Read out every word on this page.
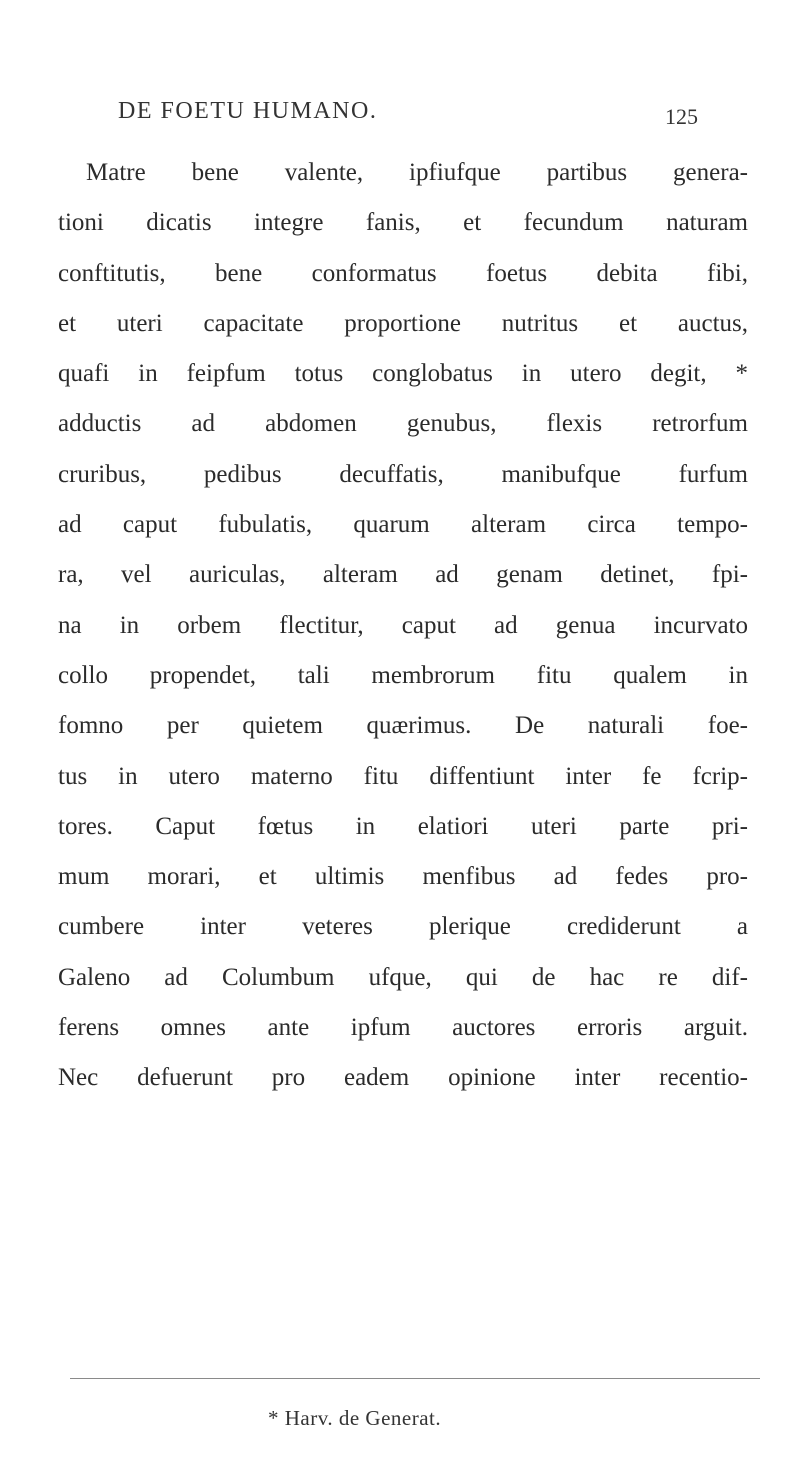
DE FOETU HUMANO.	125
Matre bene valente, ipfiufque partibus genera-
tioni dicatis integre fanis, et fecundum naturam
conftitutis, bene conformatus foetus debita fibi,
et uteri capacitate proportione nutritus et auctus,
quafi in feipfum totus conglobatus in utero degit, *
adductis ad abdomen genubus, flexis retrorfum
cruribus, pedibus decuffatis, manibufque furfum
ad caput fubulatis, quarum alteram circa tempo-
ra, vel auriculas, alteram ad genam detinet, fpi-
na in orbem flectitur, caput ad genua incurvato
collo propendet, tali membrorum fitu qualem in
fomno per quietem quærimus. De naturali foe-
tus in utero materno fitu diffentiunt inter fe fcrip-
tores. Caput fœtus in elatiori uteri parte pri-
mum morari, et ultimis menfibus ad fedes pro-
cumbere inter veteres plerique crediderunt a
Galeno ad Columbum ufque, qui de hac re dif-
ferens omnes ante ipfum auctores erroris arguit.
Nec defuerunt pro eadem opinione inter recentio-
* Harv. de Generat.
